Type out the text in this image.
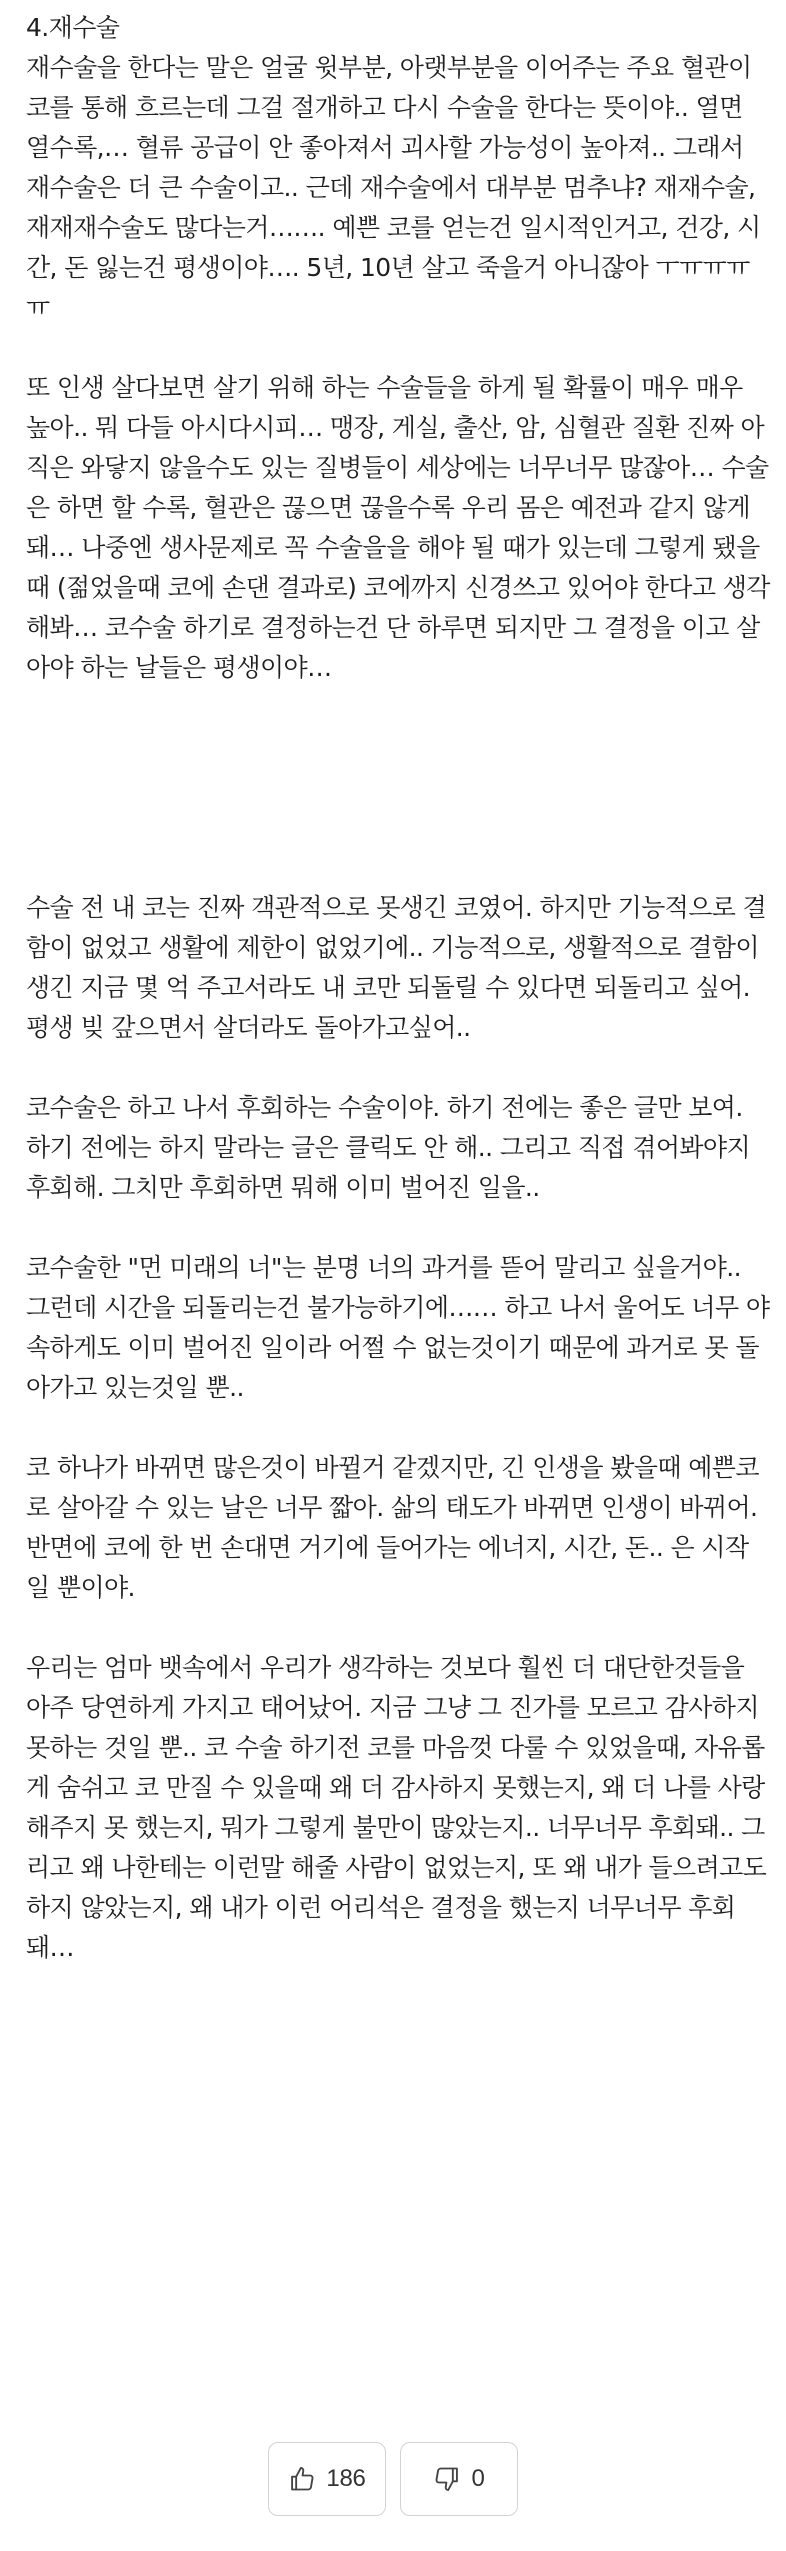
4.재수술

재수술을 한다는 말은 얼굴 윗부분, 아랫부분을 이어주는 주요 혈관이 코를 통해 흐르는데 그걸 절개하고 다시 수술을 한다는 뜻이야.. 열면 열수록,… 혈류 공급이 안 좋아져서 괴사할 가능성이 높아져.. 그래서 재수술은 더 큰 수술이고.. 근데 재수술에서 대부분 멈추냐? 재재수술, 재재재수술도 많다는거……. 예쁜 코를 얻는건 일시적인거고, 건강, 시간, 돈 잃는건 평생이야…. 5년, 10년 살고 죽을거 아니잖아 ㅜㅠㅠㅠㅠ

또 인생 살다보면 살기 위해 하는 수술들을 하게 될 확률이 매우 매우 높아.. 뭐 다들 아시다시피… 맹장, 게실, 출산, 암, 심혈관 질환 진짜 아직은 와닿지 않을수도 있는 질병들이 세상에는 너무너무 많잖아… 수술은 하면 할 수록, 혈관은 끊으면 끊을수록 우리 몸은 예전과 같지 않게 돼… 나중엔 생사문제로 꼭 수술을을 해야 될 때가 있는데 그렇게 됐을때 (젊었을때 코에 손댄 결과로) 코에까지 신경쓰고 있어야 한다고 생각해봐… 코수술 하기로 결정하는건 단 하루면 되지만 그 결정을 이고 살아야 하는 날들은 평생이야…

수술 전 내 코는 진짜 객관적으로 못생긴 코였어. 하지만 기능적으로 결함이 없었고 생활에 제한이 없었기에.. 기능적으로, 생활적으로 결함이 생긴 지금 몇 억 주고서라도 내 코만 되돌릴 수 있다면 되돌리고 싶어. 평생 빚 갚으면서 살더라도 돌아가고싶어..

코수술은 하고 나서 후회하는 수술이야. 하기 전에는 좋은 글만 보여. 하기 전에는 하지 말라는 글은 클릭도 안 해.. 그리고 직접 겪어봐야지 후회해. 그치만 후회하면 뭐해 이미 벌어진 일을..

코수술한 "먼 미래의 너"는 분명 너의 과거를 뜯어 말리고 싶을거야.. 그런데 시간을 되돌리는건 불가능하기에…… 하고 나서 울어도 너무 야속하게도 이미 벌어진 일이라 어쩔 수 없는것이기 때문에 과거로 못 돌아가고 있는것일 뿐..

코 하나가 바뀌면 많은것이 바뀔거 같겠지만, 긴 인생을 봤을때 예쁜코로 살아갈 수 있는 날은 너무 짧아. 삶의 태도가 바뀌면 인생이 바뀌어. 반면에 코에 한 번 손대면 거기에 들어가는 에너지, 시간, 돈.. 은 시작일 뿐이야.

우리는 엄마 뱃속에서 우리가 생각하는 것보다 훨씬 더 대단한것들을 아주 당연하게 가지고 태어났어. 지금 그냥 그 진가를 모르고 감사하지 못하는 것일 뿐.. 코 수술 하기전 코를 마음껏 다룰 수 있었을때, 자유롭게 숨쉬고 코 만질 수 있을때 왜 더 감사하지 못했는지, 왜 더 나를 사랑해주지 못 했는지, 뭐가 그렇게 불만이 많았는지.. 너무너무 후회돼.. 그리고 왜 나한테는 이런말 해줄 사람이 없었는지, 또 왜 내가 들으려고도 하지 않았는지, 왜 내가 이런 어리석은 결정을 했는지 너무너무 후회돼…

186	0
